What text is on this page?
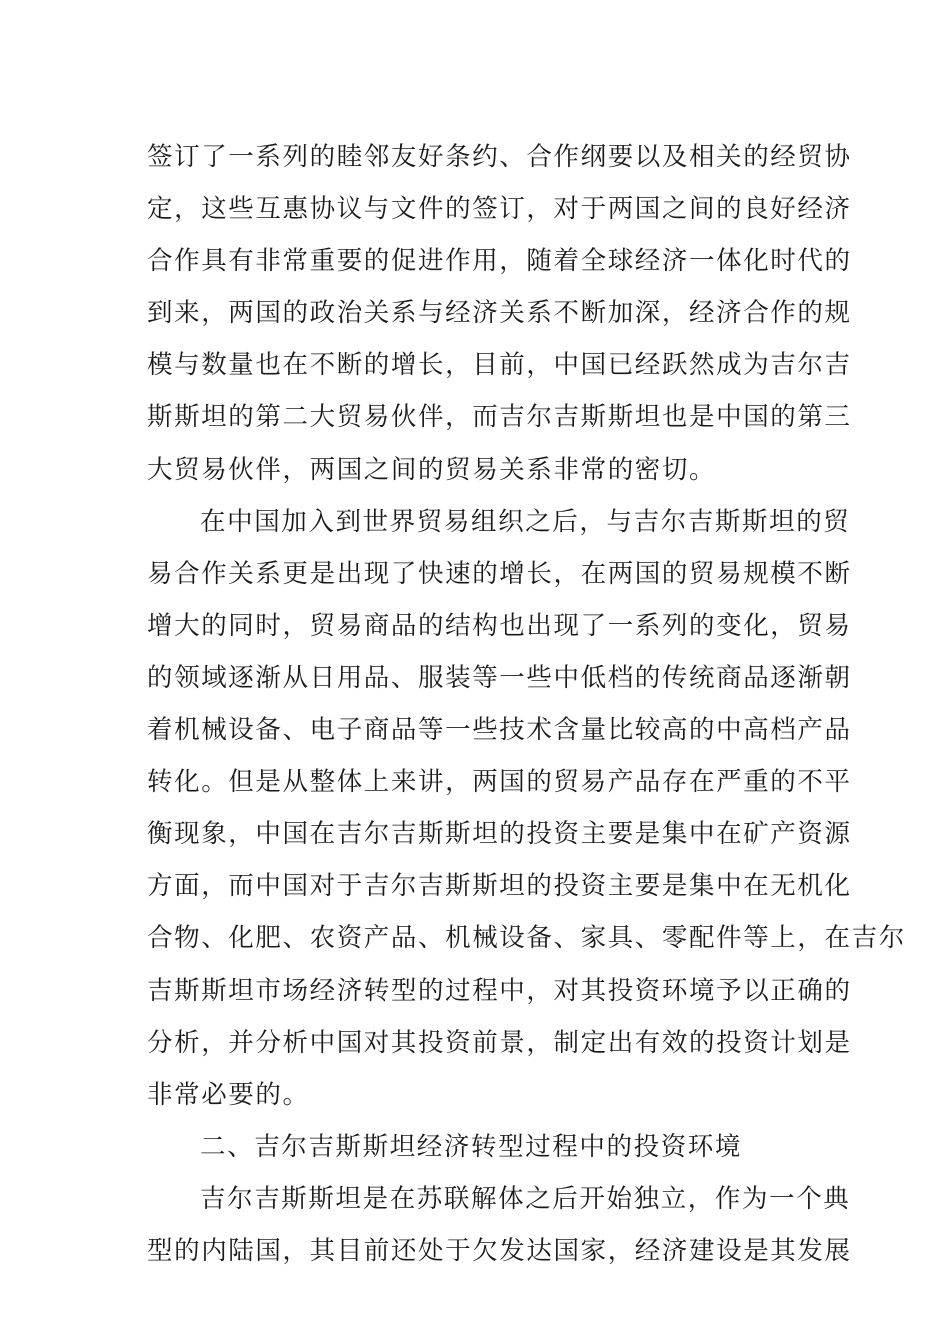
签订了一系列的睦邻友好条约、合作纲要以及相关的经贸协
定，这些互惠协议与文件的签订，对于两国之间的良好经济
合作具有非常重要的促进作用，随着全球经济一体化时代的
到来，两国的政治关系与经济关系不断加深，经济合作的规
模与数量也在不断的增长，目前，中国已经跃然成为吉尔吉
斯斯坦的第二大贸易伙伴，而吉尔吉斯斯坦也是中国的第三
大贸易伙伴，两国之间的贸易关系非常的密切。
在中国加入到世界贸易组织之后，与吉尔吉斯斯坦的贸
易合作关系更是出现了快速的增长，在两国的贸易规模不断
增大的同时，贸易商品的结构也出现了一系列的变化，贸易
的领域逐渐从日用品、服装等一些中低档的传统商品逐渐朝
着机械设备、电子商品等一些技术含量比较高的中高档产品
转化。但是从整体上来讲，两国的贸易产品存在严重的不平
衡现象，中国在吉尔吉斯斯坦的投资主要是集中在矿产资源
方面，而中国对于吉尔吉斯斯坦的投资主要是集中在无机化
合物、化肥、农资产品、机械设备、家具、零配件等上，在吉尔
吉斯斯坦市场经济转型的过程中，对其投资环境予以正确的
分析，并分析中国对其投资前景，制定出有效的投资计划是
非常必要的。
二、吉尔吉斯斯坦经济转型过程中的投资环境
吉尔吉斯斯坦是在苏联解体之后开始独立，作为一个典
型的内陆国，其目前还处于欠发达国家，经济建设是其发展
